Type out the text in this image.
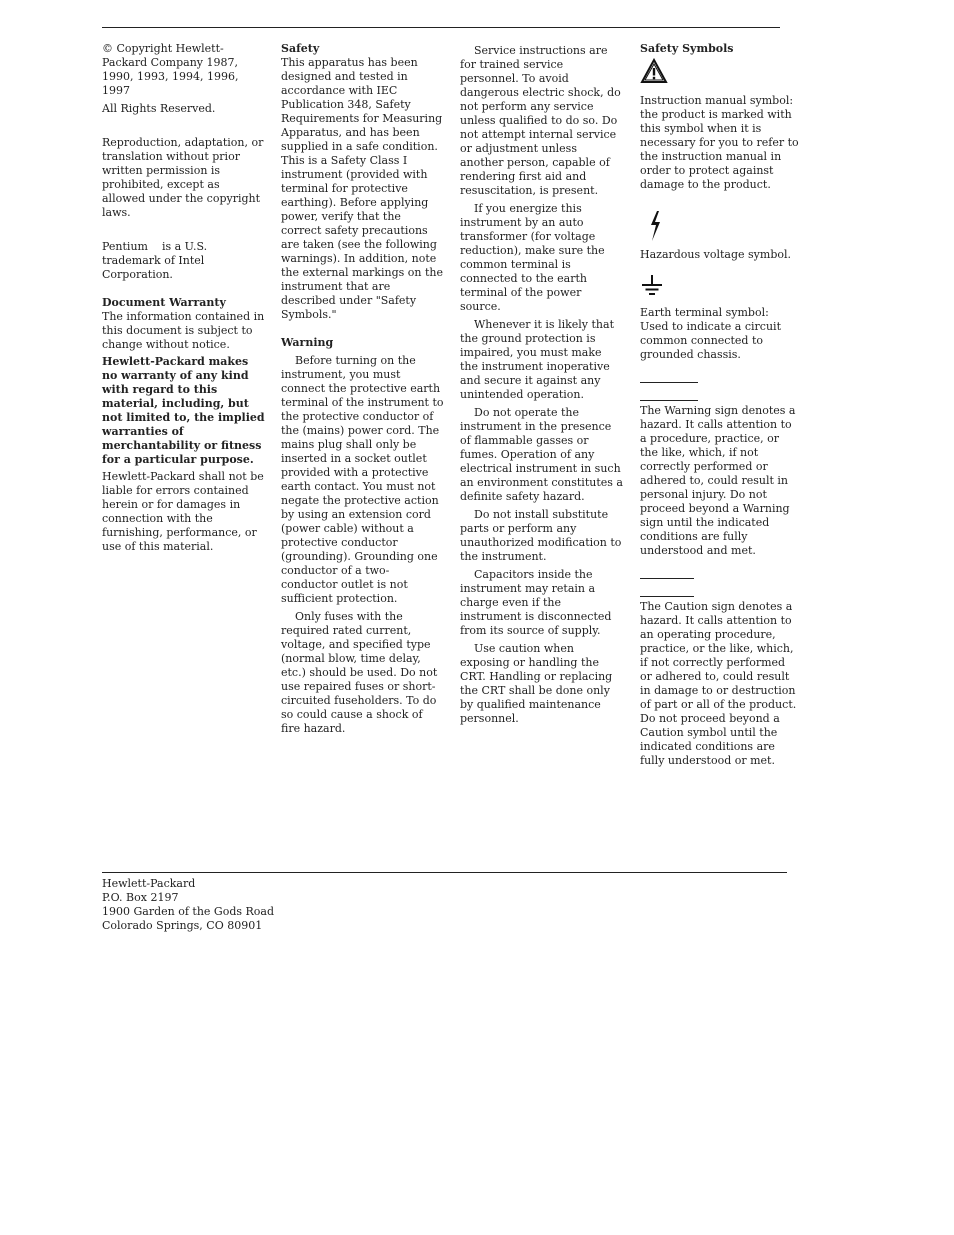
© Copyright Hewlett-Packard Company 1987, 1990, 1993, 1994, 1996, 1997

All Rights Reserved.

Reproduction, adaptation, or translation without prior written permission is prohibited, except as allowed under the copyright laws.

Pentium is a U.S. trademark of Intel Corporation.

Document Warranty

The information contained in this document is subject to change without notice.

Hewlett-Packard makes no warranty of any kind with regard to this material, including, but not limited to, the implied warranties of merchantability or fitness for a particular purpose.

Hewlett-Packard shall not be liable for errors contained herein or for damages in connection with the furnishing, performance, or use of this material.

Safety

This apparatus has been designed and tested in accordance with IEC Publication 348, Safety Requirements for Measuring Apparatus, and has been supplied in a safe condition. This is a Safety Class I instrument (provided with terminal for protective earthing). Before applying power, verify that the correct safety precautions are taken (see the following warnings). In addition, note the external markings on the instrument that are described under "Safety Symbols."

Warning

Before turning on the instrument, you must connect the protective earth terminal of the instrument to the protective conductor of the (mains) power cord. The mains plug shall only be inserted in a socket outlet provided with a protective earth contact. You must not negate the protective action by using an extension cord (power cable) without a protective conductor (grounding). Grounding one conductor of a two-conductor outlet is not sufficient protection.

Only fuses with the required rated current, voltage, and specified type (normal blow, time delay, etc.) should be used. Do not use repaired fuses or short-circuited fuseholders. To do so could cause a shock of fire hazard.

Service instructions are for trained service personnel. To avoid dangerous electric shock, do not perform any service unless qualified to do so. Do not attempt internal service or adjustment unless another person, capable of rendering first aid and resuscitation, is present.

If you energize this instrument by an auto transformer (for voltage reduction), make sure the common terminal is connected to the earth terminal of the power source.

Whenever it is likely that the ground protection is impaired, you must make the instrument inoperative and secure it against any unintended operation.

Do not operate the instrument in the presence of flammable gasses or fumes. Operation of any electrical instrument in such an environment constitutes a definite safety hazard.

Do not install substitute parts or perform any unauthorized modification to the instrument.

Capacitors inside the instrument may retain a charge even if the instrument is disconnected from its source of supply.

Use caution when exposing or handling the CRT. Handling or replacing the CRT shall be done only by qualified maintenance personnel.

Safety Symbols

Instruction manual symbol: the product is marked with this symbol when it is necessary for you to refer to the instruction manual in order to protect against damage to the product.

Hazardous voltage symbol.

Earth terminal symbol: Used to indicate a circuit common connected to grounded chassis.

The Warning sign denotes a hazard. It calls attention to a procedure, practice, or the like, which, if not correctly performed or adhered to, could result in personal injury. Do not proceed beyond a Warning sign until the indicated conditions are fully understood and met.

The Caution sign denotes a hazard. It calls attention to an operating procedure, practice, or the like, which, if not correctly performed or adhered to, could result in damage to or destruction of part or all of the product. Do not proceed beyond a Caution symbol until the indicated conditions are fully understood or met.

Hewlett-Packard
P.O. Box 2197
1900 Garden of the Gods Road
Colorado Springs, CO 80901
